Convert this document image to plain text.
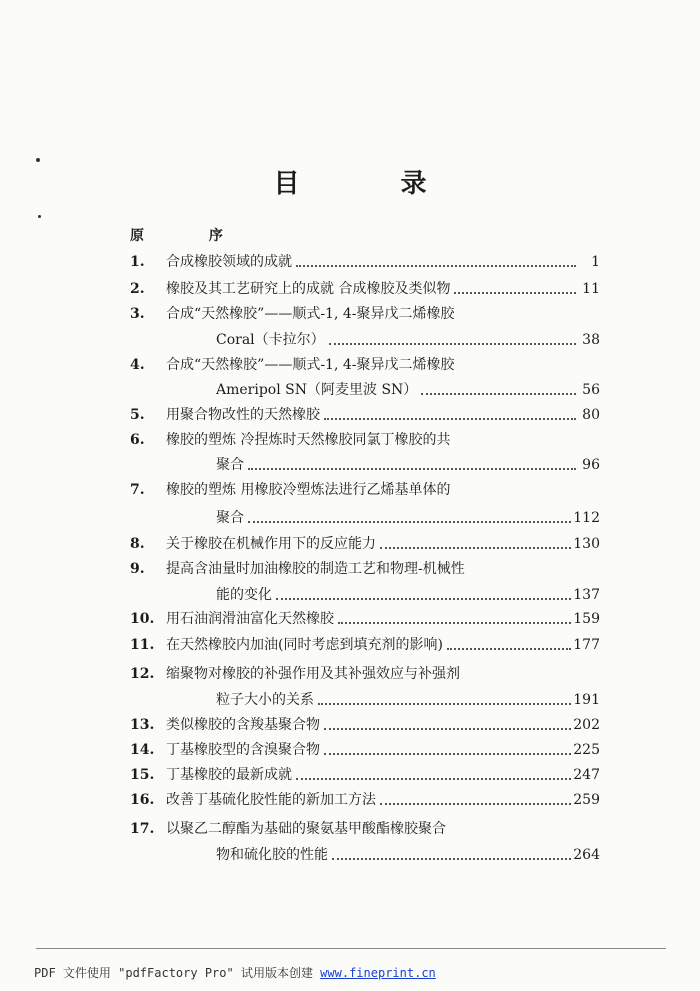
目 录
原 序
1.	合成橡胶领域的成就	1
2.	橡胶及其工艺研究上的成就 合成橡胶及类似物	11
3.	合成“天然橡胶”——顺式-1, 4-聚异戊二烯橡胶
Coral（卡拉尔）	38
4.	合成“天然橡胶”——顺式-1, 4-聚异戊二烯橡胶
Ameripol SN（阿麦里波 SN）	56
5.	用聚合物改性的天然橡胶	80
6.	橡胶的塑炼 冷捏炼时天然橡胶同氯丁橡胶的共
聚合	96
7.	橡胶的塑炼 用橡胶冷塑炼法进行乙烯基单体的
聚合	112
8.	关于橡胶在机械作用下的反应能力	130
9.	提高含油量时加油橡胶的制造工艺和物理-机械性
能的变化	137
10. 用石油润滑油富化天然橡胶	159
11. 在天然橡胶内加油(同时考虑到填充剂的影响)	177
12. 缩聚物对橡胶的补强作用及其补强效应与补强剂
粒子大小的关系	191
13. 类似橡胶的含羧基聚合物	202
14. 丁基橡胶型的含溴聚合物	225
15. 丁基橡胶的最新成就	247
16. 改善丁基硫化胶性能的新加工方法	259
17. 以聚乙二醇酯为基础的聚氨基甲酸酯橡胶聚合
物和硫化胶的性能	264
PDF 文件使用 "pdfFactory Pro" 试用版本创建 www.fineprint.cn
